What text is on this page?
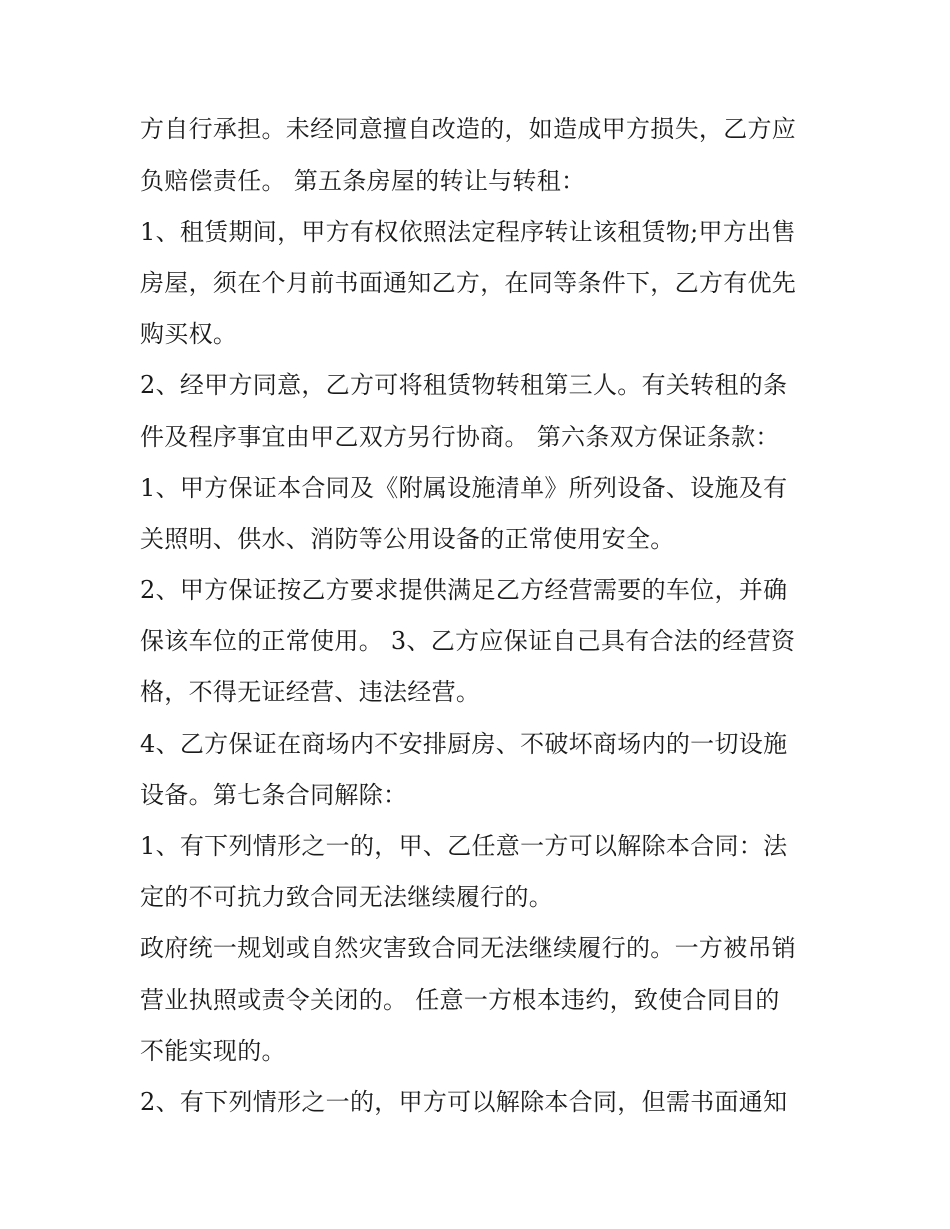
方自行承担。未经同意擅自改造的，如造成甲方损失，乙方应
负赔偿责任。 第五条房屋的转让与转租：
1、租赁期间，甲方有权依照法定程序转让该租赁物;甲方出售
房屋，须在个月前书面通知乙方，在同等条件下，乙方有优先
购买权。
2、经甲方同意，乙方可将租赁物转租第三人。有关转租的条
件及程序事宜由甲乙双方另行协商。 第六条双方保证条款：
1、甲方保证本合同及《附属设施清单》所列设备、设施及有
关照明、供水、消防等公用设备的正常使用安全。
2、甲方保证按乙方要求提供满足乙方经营需要的车位，并确
保该车位的正常使用。 3、乙方应保证自己具有合法的经营资
格，不得无证经营、违法经营。
4、乙方保证在商场内不安排厨房、不破坏商场内的一切设施
设备。第七条合同解除：
1、有下列情形之一的，甲、乙任意一方可以解除本合同：法
定的不可抗力致合同无法继续履行的。
政府统一规划或自然灾害致合同无法继续履行的。一方被吊销
营业执照或责令关闭的。 任意一方根本违约，致使合同目的
不能实现的。
2、有下列情形之一的，甲方可以解除本合同，但需书面通知
